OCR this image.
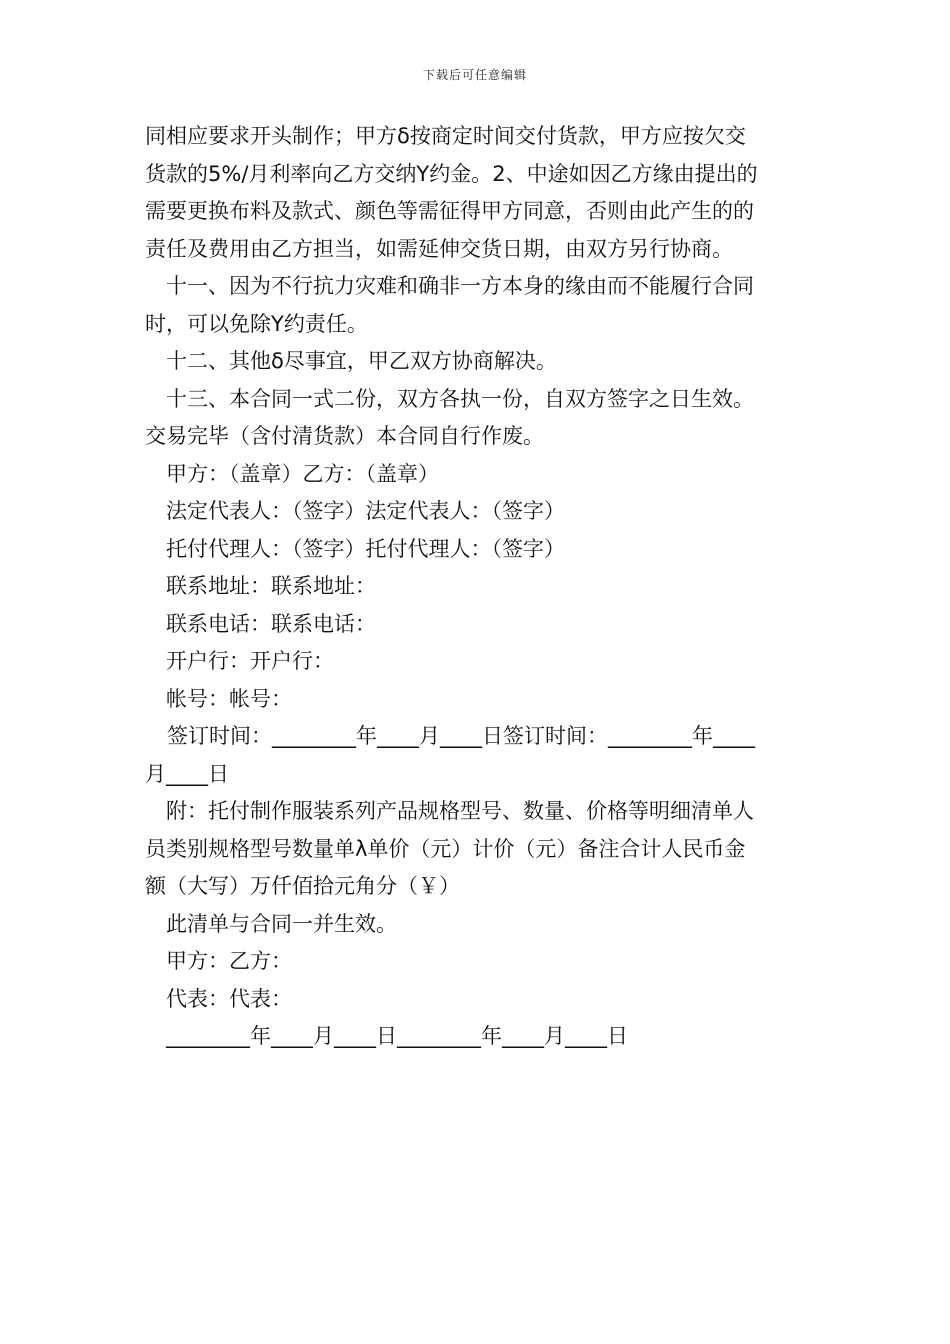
下载后可任意编辑
同相应要求开头制作；甲方δ按商定时间交付货款，甲方应按欠交
货款的5%/月利率向乙方交纳Y约金。2、中途如因乙方缘由提出的
需要更换布料及款式、颜色等需征得甲方同意，否则由此产生的的
责任及费用由乙方担当，如需延伸交货日期，由双方另行协商。
十一、因为不行抗力灾难和确非一方本身的缘由而不能履行合同
时，可以免除Y约责任。
十二、其他δ尽事宜，甲乙双方协商解决。
十三、本合同一式二份，双方各执一份，自双方签字之日生效。
交易完毕（含付清货款）本合同自行作废。
甲方：（盖章）乙方：（盖章）
法定代表人：（签字）法定代表人：（签字）
托付代理人：（签字）托付代理人：（签字）
联系地址：联系地址：
联系电话：联系电话：
开户行：开户行：
帐号：帐号：
签订时间：________年____月____日签订时间：________年____
月____日
附：托付制作服装系列产品规格型号、数量、价格等明细清单人
员类别规格型号数量单λ单价（元）计价（元）备注合计人民币金
额（大写）万仟佰拾元角分（￥）
此清单与合同一并生效。
甲方：乙方：
代表：代表：
________年____月____日________年____月____日
